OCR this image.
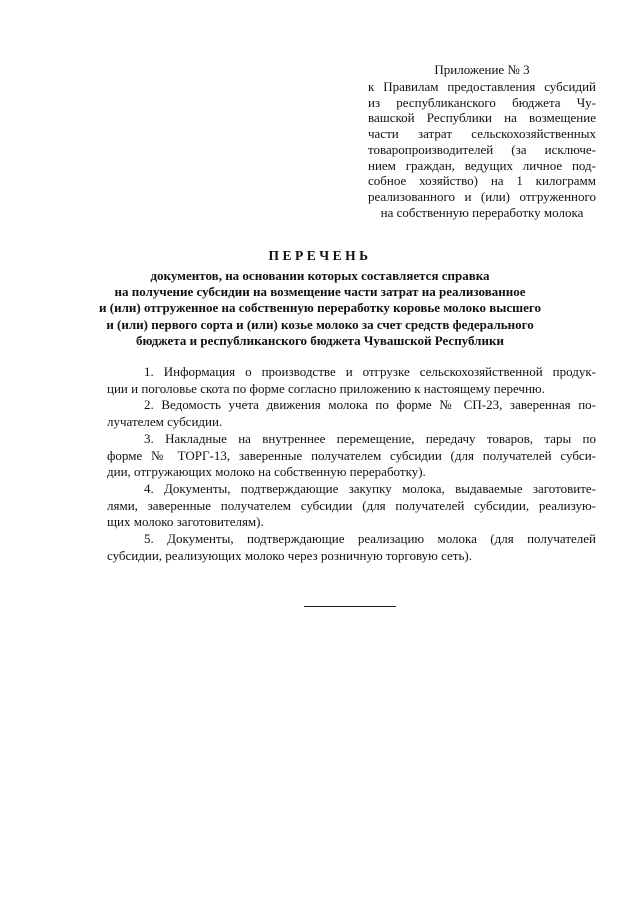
Приложение № 3
к Правилам предоставления субсидий
из республиканского бюджета Чу-
вашской Республики на возмещение
части затрат сельскохозяйственных
товаропроизводителей (за исключе-
нием граждан, ведущих личное под-
собное хозяйство) на 1 килограмм
реализованного и (или) отгруженного
на собственную переработку молока
ПЕРЕЧЕНЬ
документов, на основании которых составляется справка
на получение субсидии на возмещение части затрат на реализованное
и (или) отгруженное на собственную переработку коровье молоко высшего
и (или) первого сорта и (или) козье молоко за счет средств федерального
бюджета и республиканского бюджета Чувашской Республики
1. Информация о производстве и отгрузке сельскохозяйственной продук-
ции и поголовье скота по форме согласно приложению к настоящему перечню.
2. Ведомость учета движения молока по форме № СП-23, заверенная по-
лучателем субсидии.
3. Накладные на внутреннее перемещение, передачу товаров, тары по
форме № ТОРГ-13, заверенные получателем субсидии (для получателей субси-
дии, отгружающих молоко на собственную переработку).
4. Документы, подтверждающие закупку молока, выдаваемые заготовите-
лями, заверенные получателем субсидии (для получателей субсидии, реализую-
щих молоко заготовителям).
5. Документы, подтверждающие реализацию молока (для получателей
субсидии, реализующих молоко через розничную торговую сеть).
